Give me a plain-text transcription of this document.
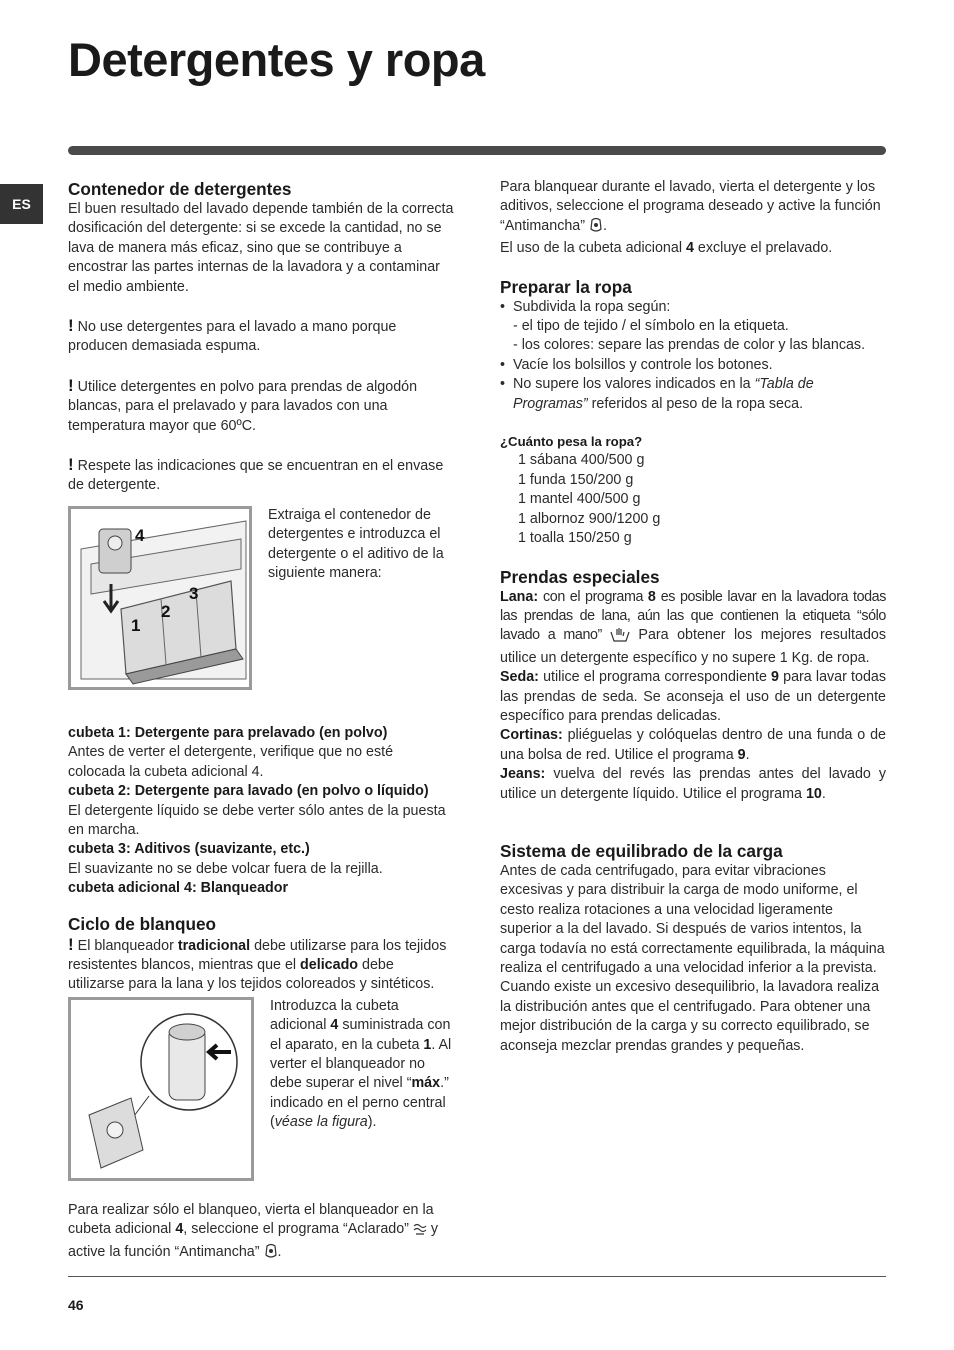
Detergentes y ropa
ES
Contenedor de detergentes

El buen resultado del lavado depende también de la correcta dosificación del detergente: si se excede la cantidad, no se lava de manera más eficaz, sino que se contribuye a encostrar las partes internas de la lavadora y a contaminar el medio ambiente.

! No use detergentes para el lavado a mano porque producen demasiada espuma.

! Utilice detergentes en polvo para prendas de algodón blancas, para el prelavado y para lavados con una temperatura mayor que 60ºC.

! Respete las indicaciones que se encuentran en el envase de detergente.

4
1
2
3

Extraiga el contenedor de detergentes e introduzca el detergente o el aditivo de la siguiente manera:

cubeta 1: Detergente para prelavado (en polvo)

Antes de verter el detergente, verifique que no esté colocada la cubeta adicional 4.

cubeta 2: Detergente para lavado (en polvo o líquido)

El detergente líquido se debe verter sólo antes de la puesta en marcha.

cubeta 3: Aditivos (suavizante, etc.)

El suavizante no se debe volcar fuera de la rejilla.

cubeta adicional 4: Blanqueador

Ciclo de blanqueo

! El blanqueador tradicional debe utilizarse para los tejidos resistentes blancos, mientras que el delicado debe utilizarse para la lana y los tejidos coloreados y sintéticos.

Introduzca la cubeta adicional 4 suministrada con el aparato, en la cubeta 1. Al verter el blanqueador no debe superar el nivel “máx.” indicado en el perno central (véase la figura).

Para realizar sólo el blanqueo, vierta el blanqueador en la cubeta adicional 4, seleccione el programa “Aclarado”  y active la función “Antimancha” .

Para blanquear durante el lavado, vierta el detergente y los aditivos, seleccione el programa deseado y active la función “Antimancha” .

El uso de la cubeta adicional 4 excluye el prelavado.

Preparar la ropa
• Subdivida la ropa según:
- el tipo de tejido / el símbolo en la etiqueta.
- los colores: separe las prendas de color y las blancas.
• Vacíe los bolsillos y controle los botones.
• No supere los valores indicados en la “Tabla de Programas” referidos al peso de la ropa seca.

¿Cuánto pesa la ropa?

1 sábana 400/500 g
1 funda 150/200 g
1 mantel 400/500 g
1 albornoz 900/1200 g
1 toalla 150/250 g
Prendas especiales

Lana: con el programa 8 es posible lavar en la lavadora todas las prendas de lana, aún las que contienen la etiqueta “sólo lavado a mano”  Para obtener los mejores resultados utilice un detergente específico y no supere 1 Kg. de ropa.

Seda: utilice el programa correspondiente 9 para lavar todas las prendas de seda. Se aconseja el uso de un detergente específico para prendas delicadas.

Cortinas: pliéguelas y colóquelas dentro de una funda o de una bolsa de red. Utilice el programa 9.

Jeans: vuelva del revés las prendas antes del lavado y utilice un detergente líquido. Utilice el programa 10.

Sistema de equilibrado de la carga

Antes de cada centrifugado, para evitar vibraciones excesivas y para distribuir la carga de modo uniforme, el cesto realiza rotaciones a una velocidad ligeramente superior a la del lavado. Si después de varios intentos, la carga todavía no está correctamente equilibrada, la máquina realiza el centrifugado a una velocidad inferior a la prevista. Cuando existe un excesivo desequilibrio, la lavadora realiza la distribución antes que el centrifugado. Para obtener una mejor distribución de la carga y su correcto equilibrado, se aconseja mezclar prendas grandes y pequeñas.

46
